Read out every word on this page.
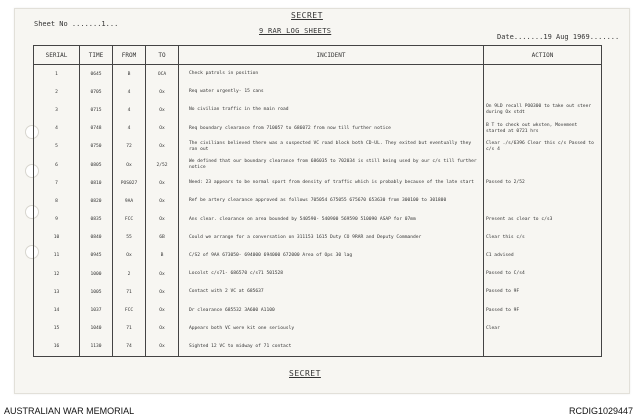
SECRET
Sheet No .......1...
9 RAR LOG SHEETS
Date.......19 Aug 1969.......
SERIAL	TIME	FROM	TO	INCIDENT	ACTION
1	0645	B	OCA	Check patrols in position	
2	0705	4	Ox	Req water urgently- 15 cans	
3	0715	4	Ox	No civilian traffic in the main road	On 9LD recall PO0300 to take out steer during Ox stdt
4	0748	4	Ox	Req boundary clearance from 710057 to 686072 from now till further notice	B T to check out wksten, Movement started at 0721 hrs
5	0750	72	Ox	The civilians believed there was a suspected VC road block both CD-UL. They exited but eventually they ran out	Clear ./s/6396 Clear this c/s Passed to c/s 4
6	0805	Ox	2/52	We defined that our boundary clearance from 686035 to 702034 is still being used by our c/s till further notice	
7	0810	POS027	Ox	Need: 23 appears to be normal sport from density of traffic which is probably because of the late start	Passed to 2/52
8	0820	9AA	Ox	Ref be artery clearance approved as follows 705054 675055 675670 653630 from 300100 to 301800	
9	0835	FCC	Ox	Ans clear. clearance on area bounded by 540590- 540900 569590 510090 ASAP for 07mm	Present as clear to c/s3
10	0840	55	6B	Could we arrange for a conversation on 311153 1615 Duty CO 9RAR and Deputy Commander	Clear this c/s
11	0945	Ox	B	C/S2 of 9AA 673050- 694000 694000 672000 Area of Ops 30 lag	C1 advised
12	1000	2	Ox	Locolst c/s71- 686570 c/s71 501528	Passed to C/s4
13	1005	71	Ox	Contact with 2 VC at 685637	Passed to 9F
14	1037	FCC	Ox	Dr clearance 685532 3A600 A1100	Passed to 9F
15	1040	71	Ox	Appears both VC were kit one seriously	Clear
16	1130	74	Ox	Sighted 12 VC to midway of 71 contact	
SECRET
AUSTRALIAN WAR MEMORIAL	RCDIG1029447
